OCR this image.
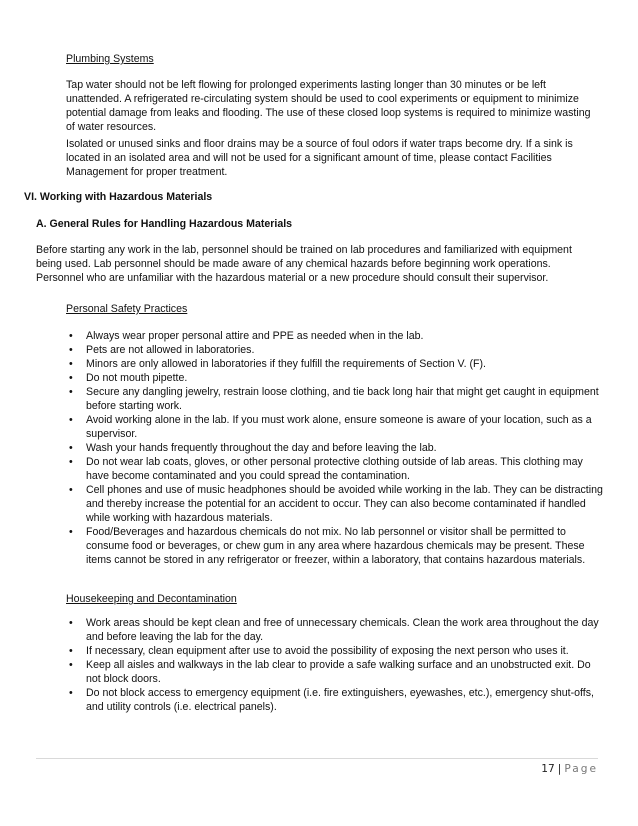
Plumbing Systems

Tap water should not be left flowing for prolonged experiments lasting longer than 30 minutes or be left unattended. A refrigerated re-circulating system should be used to cool experiments or equipment to minimize potential damage from leaks and flooding. The use of these closed loop systems is required to minimize wasting of water resources.

Isolated or unused sinks and floor drains may be a source of foul odors if water traps become dry. If a sink is located in an isolated area and will not be used for a significant amount of time, please contact Facilities Management for proper treatment.

VI. Working with Hazardous Materials
A. General Rules for Handling Hazardous Materials

Before starting any work in the lab, personnel should be trained on lab procedures and familiarized with equipment being used. Lab personnel should be made aware of any chemical hazards before beginning work operations. Personnel who are unfamiliar with the hazardous material or a new procedure should consult their supervisor.

Personal Safety Practices
• Always wear proper personal attire and PPE as needed when in the lab.
• Pets are not allowed in laboratories.
• Minors are only allowed in laboratories if they fulfill the requirements of Section V. (F).
• Do not mouth pipette.
• Secure any dangling jewelry, restrain loose clothing, and tie back long hair that might get caught in equipment before starting work.
• Avoid working alone in the lab. If you must work alone, ensure someone is aware of your location, such as a supervisor.
• Wash your hands frequently throughout the day and before leaving the lab.
• Do not wear lab coats, gloves, or other personal protective clothing outside of lab areas. This clothing may have become contaminated and you could spread the contamination.
• Cell phones and use of music headphones should be avoided while working in the lab. They can be distracting and thereby increase the potential for an accident to occur. They can also become contaminated if handled while working with hazardous materials.
• Food/Beverages and hazardous chemicals do not mix. No lab personnel or visitor shall be permitted to consume food or beverages, or chew gum in any area where hazardous chemicals may be present. These items cannot be stored in any refrigerator or freezer, within a laboratory, that contains hazardous materials.
Housekeeping and Decontamination
• Work areas should be kept clean and free of unnecessary chemicals. Clean the work area throughout the day and before leaving the lab for the day.
• If necessary, clean equipment after use to avoid the possibility of exposing the next person who uses it.
• Keep all aisles and walkways in the lab clear to provide a safe walking surface and an unobstructed exit. Do not block doors.
• Do not block access to emergency equipment (i.e. fire extinguishers, eyewashes, etc.), emergency shut-offs, and utility controls (i.e. electrical panels).
17 | Page
